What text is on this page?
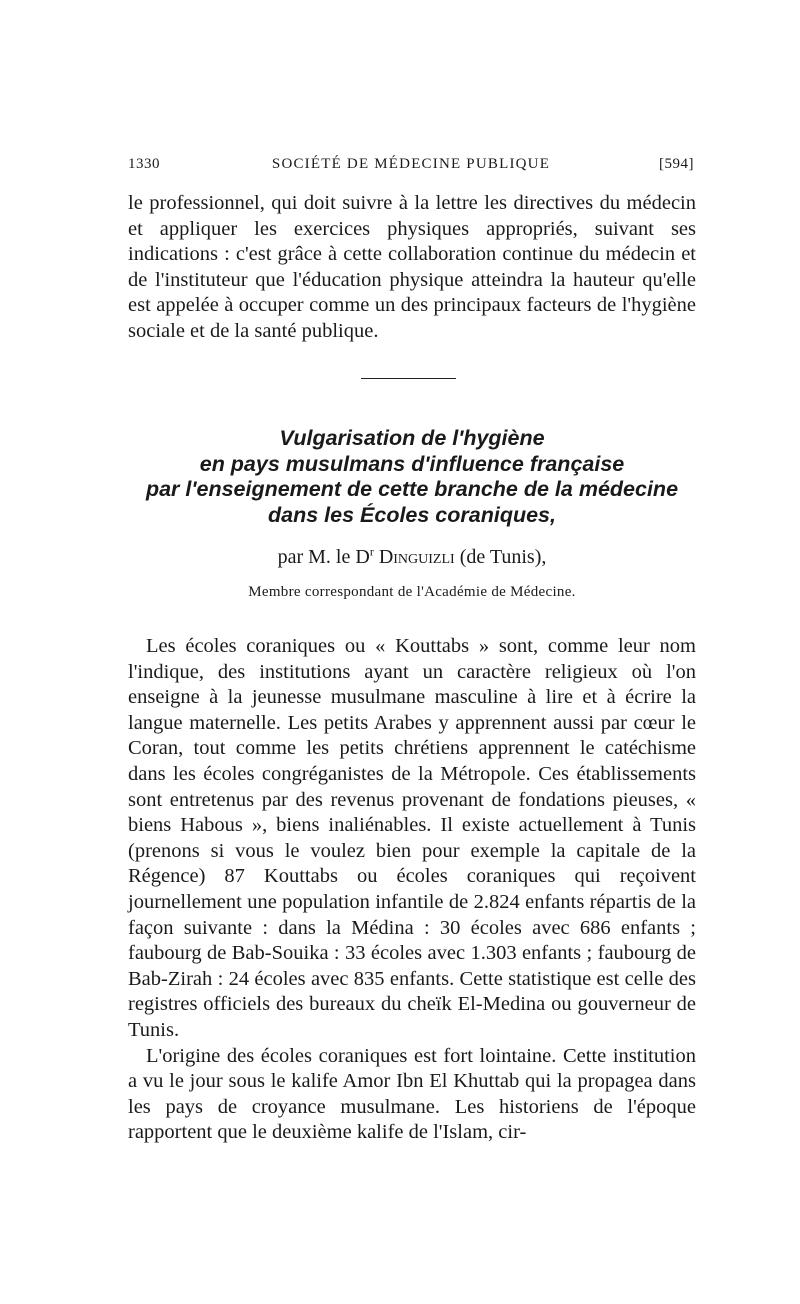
1330	SOCIÉTÉ DE MÉDECINE PUBLIQUE	[594]

le professionnel, qui doit suivre à la lettre les directives du médecin et appliquer les exercices physiques appropriés, suivant ses indications : c'est grâce à cette collaboration continue du médecin et de l'instituteur que l'éducation physique atteindra la hauteur qu'elle est appelée à occuper comme un des principaux facteurs de l'hygiène sociale et de la santé publique.

Vulgarisation de l'hygiène
en pays musulmans d'influence française
par l'enseignement de cette branche de la médecine
dans les Écoles coraniques,
par M. le $D^r$ Dinguizli (de Tunis),
Membre correspondant de l'Académie de Médecine.

Les écoles coraniques ou « Kouttabs » sont, comme leur nom l'indique, des institutions ayant un caractère religieux où l'on enseigne à la jeunesse musulmane masculine à lire et à écrire la langue maternelle. Les petits Arabes y apprennent aussi par cœur le Coran, tout comme les petits chrétiens apprennent le catéchisme dans les écoles congréganistes de la Métropole. Ces établissements sont entretenus par des revenus provenant de fondations pieuses, « biens Habous », biens inaliénables. Il existe actuellement à Tunis (prenons si vous le voulez bien pour exemple la capitale de la Régence) 87 Kouttabs ou écoles coraniques qui reçoivent journellement une population infantile de 2.824 enfants répartis de la façon suivante : dans la Médina : 30 écoles avec 686 enfants ; faubourg de Bab-Souika : 33 écoles avec 1.303 enfants ; faubourg de Bab-Zirah : 24 écoles avec 835 enfants. Cette statistique est celle des registres officiels des bureaux du cheïk El-Medina ou gouverneur de Tunis.

L'origine des écoles coraniques est fort lointaine. Cette institution a vu le jour sous le kalife Amor Ibn El Khuttab qui la propagea dans les pays de croyance musulmane. Les historiens de l'époque rapportent que le deuxième kalife de l'Islam, cir-
